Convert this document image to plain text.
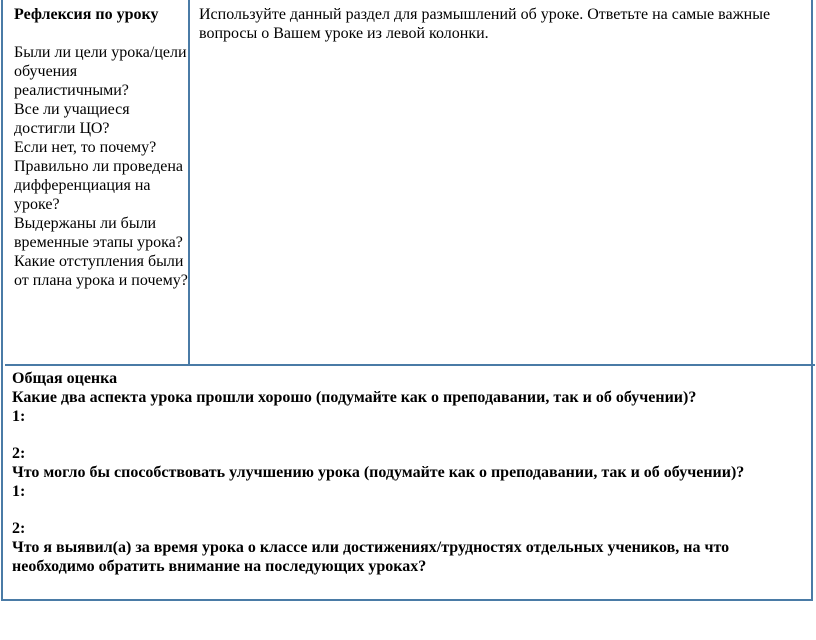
Рефлексия по уроку
Были ли цели урока/цели обучения реалистичными?
Все ли учащиеся достигли ЦО?
Если нет, то почему?
Правильно ли проведена дифференциация на уроке?
Выдержаны ли были временные этапы урока?
Какие отступления были от плана урока и почему?
Используйте данный раздел для размышлений об уроке. Ответьте на самые важные вопросы о Вашем уроке из левой колонки.
Общая оценка
Какие два аспекта урока прошли хорошо (подумайте как о преподавании, так и об обучении)?
1:
2:
Что могло бы способствовать улучшению урока (подумайте как о преподавании, так и об обучении)?
1:
2:
Что я выявил(а) за время урока о классе или достижениях/трудностях отдельных учеников, на что необходимо обратить внимание на последующих уроках?
